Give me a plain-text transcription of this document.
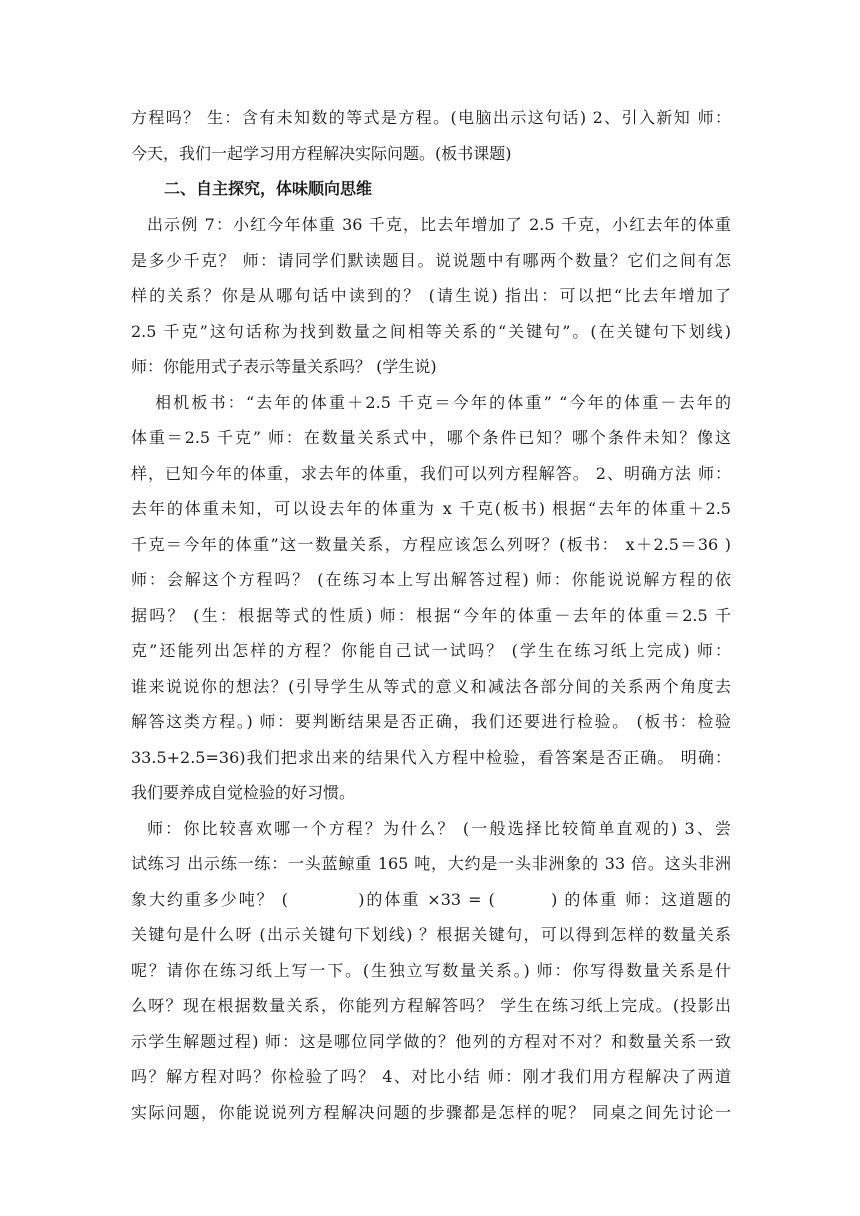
方程吗？ 生：含有未知数的等式是方程。(电脑出示这句话) 2、引入新知 师：
今天，我们一起学习用方程解决实际问题。(板书课题)
二、自主探究，体味顺向思维
出示例 7：小红今年体重 36 千克，比去年增加了 2.5 千克，小红去年的体重
是多少千克？ 师：请同学们默读题目。说说题中有哪两个数量？它们之间有怎
样的关系？你是从哪句话中读到的？ (请生说) 指出：可以把“比去年增加了
2.5 千克”这句话称为找到数量之间相等关系的“关键句”。(在关键句下划线)
师：你能用式子表示等量关系吗？ (学生说)
相机板书：“去年的体重＋2.5 千克＝今年的体重” “今年的体重－去年的
体重＝2.5 千克” 师：在数量关系式中，哪个条件已知？哪个条件未知？像这
样，已知今年的体重，求去年的体重，我们可以列方程解答。 2、明确方法 师：
去年的体重未知，可以设去年的体重为 x 千克(板书) 根据“去年的体重＋2.5
千克＝今年的体重”这一数量关系，方程应该怎么列呀？(板书： x＋2.5＝36 )
师：会解这个方程吗？ (在练习本上写出解答过程) 师：你能说说解方程的依
据吗？ (生：根据等式的性质) 师：根据“今年的体重－去年的体重＝2.5 千
克”还能列出怎样的方程？你能自己试一试吗？ (学生在练习纸上完成) 师：
谁来说说你的想法？(引导学生从等式的意义和减法各部分间的关系两个角度去
解答这类方程。) 师：要判断结果是否正确，我们还要进行检验。 (板书：检验
33.5+2.5=36)我们把求出来的结果代入方程中检验，看答案是否正确。 明确：
我们要养成自觉检验的好习惯。
师：你比较喜欢哪一个方程？为什么？ (一般选择比较简单直观的) 3、尝
试练习 出示练一练：一头蓝鲸重 165 吨，大约是一头非洲象的 33 倍。这头非洲
象大约重多少吨？ (          )的体重 ×33 = (        ) 的体重 师：这道题的
关键句是什么呀 (出示关键句下划线) ？根据关键句，可以得到怎样的数量关系
呢？请你在练习纸上写一下。(生独立写数量关系。) 师：你写得数量关系是什
么呀？现在根据数量关系，你能列方程解答吗？ 学生在练习纸上完成。(投影出
示学生解题过程) 师：这是哪位同学做的？他列的方程对不对？和数量关系一致
吗？解方程对吗？你检验了吗？ 4、对比小结 师：刚才我们用方程解决了两道
实际问题，你能说说列方程解决问题的步骤都是怎样的呢？ 同桌之间先讨论一
